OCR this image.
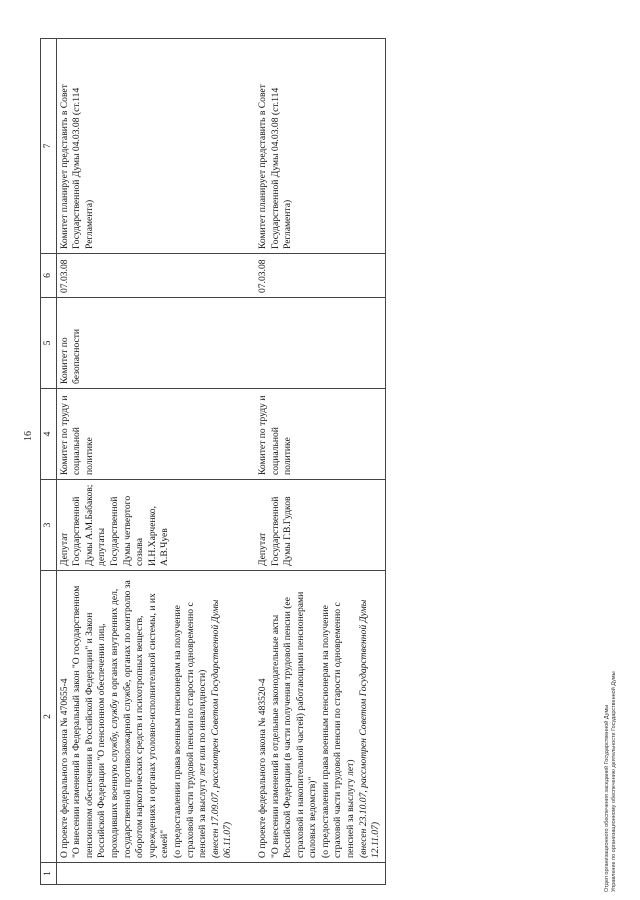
16
1	2	3	4	5	6	7

	О проекте федерального закона № 470655-4 "О внесении изменений в Федеральный закон "О государственном пенсионном обеспечении в Российской Федерации" и Закон Российской Федерации "О пенсионном обеспечении лиц, проходивших военную службу, службу в органах внутренних дел, государственной противопожарной службе, органах по контролю за оборотом наркотических средств и психотропных веществ, учреждениях и органах уголовно-исполнительной системы, и их семей" (о предоставлении права военным пенсионерам на получение страховой части трудовой пенсии по старости одновременно с пенсией за выслугу лет или по инвалидности) (внесен 17.09.07, рассмотрен Советом Государственной Думы 06.11.07)	Депутат Государственной Думы А.М.Бабаков; депутаты Государственной Думы четвертого созыва И.Н.Харченко, А.В.Чуев	Комитет по труду и социальной политике	Комитет по безопасности	07.03.08	Комитет планирует представить в Совет Государственной Думы 04.03.08 (ст.114 Регламента)

	О проекте федерального закона № 483520-4 "О внесении изменений в отдельные законодательные акты Российской Федерации (в части получения трудовой пенсии (ее страховой и накопительной частей) работающими пенсионерами силовых ведомств)" (о предоставлении права военным пенсионерам на получение страховой части трудовой пенсии по старости одновременно с пенсией за выслугу лет) (внесен 23.10.07, рассмотрен Советом Государственной Думы 12.11.07)	Депутат Государственной Думы Г.В.Гудков	Комитет по труду и социальной политике		07.03.08	Комитет планирует представить в Совет Государственной Думы 04.03.08 (ст.114 Регламента)
Отдел организационного обеспечения заседаний Государственной Думы Управление по организационному обеспечению деятельности Государственной Думы
